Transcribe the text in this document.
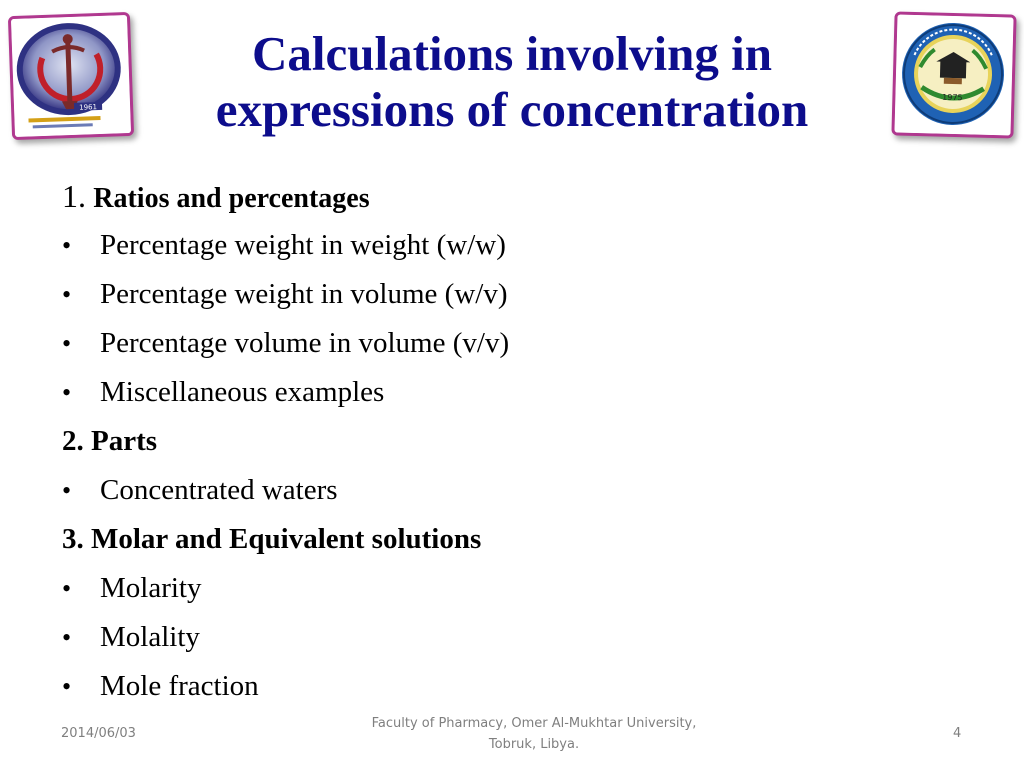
1961
1975
Calculations involving in
expressions of concentration
1. Ratios and percentages
• Percentage weight in weight (w/w)
• Percentage weight in volume (w/v)
• Percentage volume in volume (v/v)
• Miscellaneous examples
2. Parts
• Concentrated waters
3. Molar and Equivalent solutions
• Molarity
• Molality
• Mole fraction
2014/06/03
Faculty of Pharmacy, Omer Al-Mukhtar University,
Tobruk, Libya.
4
